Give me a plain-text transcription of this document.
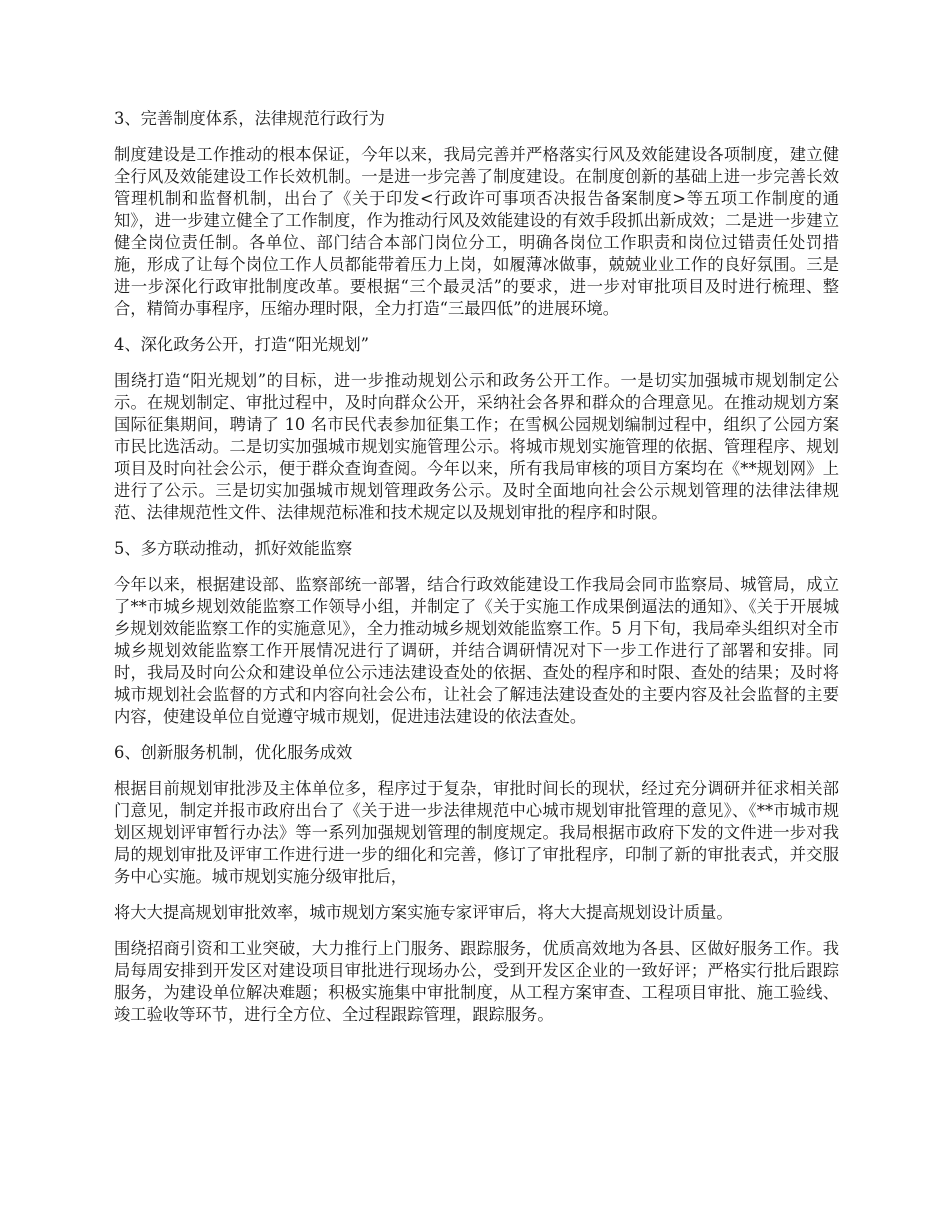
3、完善制度体系，法律规范行政行为

制度建设是工作推动的根本保证，今年以来，我局完善并严格落实行风及效能建设各项制度，建立健全行风及效能建设工作长效机制。一是进一步完善了制度建设。在制度创新的基础上进一步完善长效管理机制和监督机制，出台了《关于印发<行政许可事项否决报告备案制度>等五项工作制度的通知》，进一步建立健全了工作制度，作为推动行风及效能建设的有效手段抓出新成效；二是进一步建立健全岗位责任制。各单位、部门结合本部门岗位分工，明确各岗位工作职责和岗位过错责任处罚措施，形成了让每个岗位工作人员都能带着压力上岗，如履薄冰做事，兢兢业业工作的良好氛围。三是进一步深化行政审批制度改革。要根据“三个最灵活”的要求，进一步对审批项目及时进行梳理、整合，精简办事程序，压缩办理时限，全力打造“三最四低”的进展环境。

4、深化政务公开，打造“阳光规划”

围绕打造“阳光规划”的目标，进一步推动规划公示和政务公开工作。一是切实加强城市规划制定公示。在规划制定、审批过程中，及时向群众公开，采纳社会各界和群众的合理意见。在推动规划方案国际征集期间，聘请了 10 名市民代表参加征集工作；在雪枫公园规划编制过程中，组织了公园方案市民比选活动。二是切实加强城市规划实施管理公示。将城市规划实施管理的依据、管理程序、规划项目及时向社会公示，便于群众查询查阅。今年以来，所有我局审核的项目方案均在《**规划网》上进行了公示。三是切实加强城市规划管理政务公示。及时全面地向社会公示规划管理的法律法律规范、法律规范性文件、法律规范标准和技术规定以及规划审批的程序和时限。

5、多方联动推动，抓好效能监察

今年以来，根据建设部、监察部统一部署，结合行政效能建设工作我局会同市监察局、城管局，成立了**市城乡规划效能监察工作领导小组，并制定了《关于实施工作成果倒逼法的通知》、《关于开展城乡规划效能监察工作的实施意见》，全力推动城乡规划效能监察工作。5 月下旬，我局牵头组织对全市城乡规划效能监察工作开展情况进行了调研，并结合调研情况对下一步工作进行了部署和安排。同时，我局及时向公众和建设单位公示违法建设查处的依据、查处的程序和时限、查处的结果；及时将城市规划社会监督的方式和内容向社会公布，让社会了解违法建设查处的主要内容及社会监督的主要内容，使建设单位自觉遵守城市规划，促进违法建设的依法查处。

6、创新服务机制，优化服务成效

根据目前规划审批涉及主体单位多，程序过于复杂，审批时间长的现状，经过充分调研并征求相关部门意见，制定并报市政府出台了《关于进一步法律规范中心城市规划审批管理的意见》、《**市城市规划区规划评审暂行办法》等一系列加强规划管理的制度规定。我局根据市政府下发的文件进一步对我局的规划审批及评审工作进行进一步的细化和完善，修订了审批程序，印制了新的审批表式，并交服务中心实施。城市规划实施分级审批后，

将大大提高规划审批效率，城市规划方案实施专家评审后，将大大提高规划设计质量。

围绕招商引资和工业突破，大力推行上门服务、跟踪服务，优质高效地为各县、区做好服务工作。我局每周安排到开发区对建设项目审批进行现场办公，受到开发区企业的一致好评；严格实行批后跟踪服务，为建设单位解决难题；积极实施集中审批制度，从工程方案审查、工程项目审批、施工验线、竣工验收等环节，进行全方位、全过程跟踪管理，跟踪服务。
